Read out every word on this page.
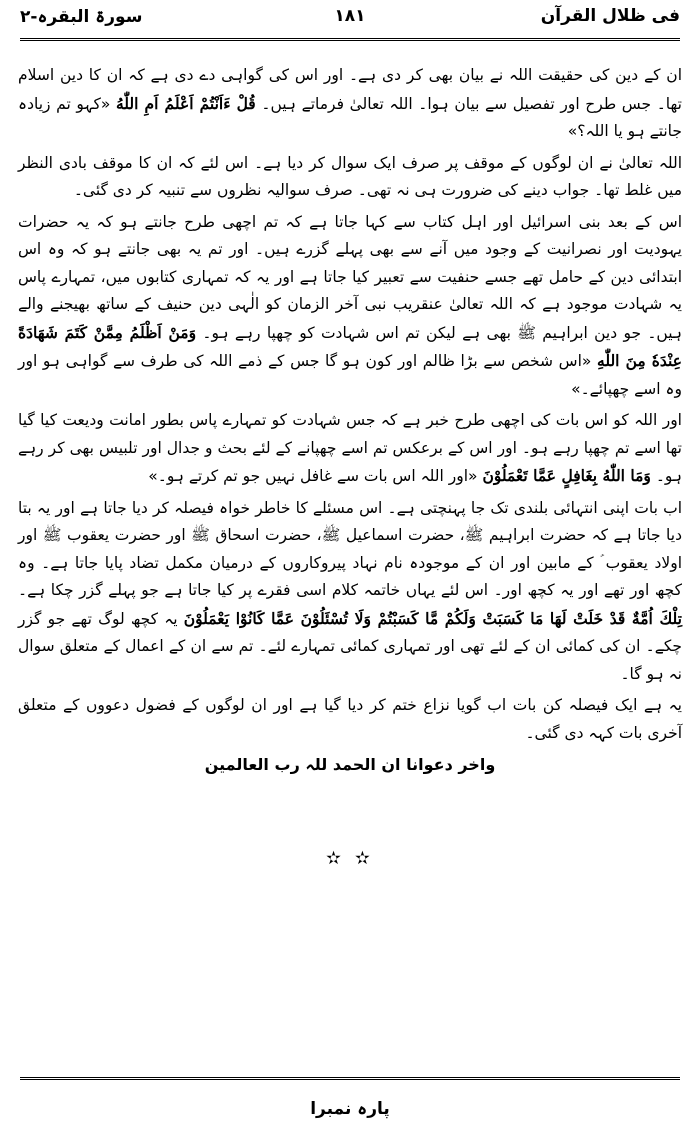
فی ظلال القرآن
۱۸۱
سورۃ البقرہ-۲

ان کے دین کی حقیقت اللہ نے بیان بھی کر دی ہے۔ اور اس کی گواہی دے دی ہے کہ ان کا دین اسلام تھا۔ جس طرح اور تفصیل سے بیان ہوا۔ اللہ تعالیٰ فرماتے ہیں۔ قُلْ ءَاَنْتُمْ اَعْلَمُ اَمِ اللّٰهُ «کہو تم زیادہ جانتے ہو یا اللہ؟»

اللہ تعالیٰ نے ان لوگوں کے موقف پر صرف ایک سوال کر دیا ہے۔ اس لئے کہ ان کا موقف بادی النظر میں غلط تھا۔ جواب دینے کی ضرورت ہی نہ تھی۔ صرف سوالیہ نظروں سے تنبیہ کر دی گئی۔

اس کے بعد بنی اسرائیل اور اہل کتاب سے کہا جاتا ہے کہ تم اچھی طرح جانتے ہو کہ یہ حضرات یہودیت اور نصرانیت کے وجود میں آنے سے بھی پہلے گزرے ہیں۔ اور تم یہ بھی جانتے ہو کہ وہ اس ابتدائی دین کے حامل تھے جسے حنفیت سے تعبیر کیا جاتا ہے اور یہ کہ تمہاری کتابوں میں، تمہارے پاس یہ شہادت موجود ہے کہ اللہ تعالیٰ عنقریب نبی آخر الزمان کو الٰہی دین حنیف کے ساتھ بھیجنے والے ہیں۔ جو دین ابراہیم ﷺ بھی ہے لیکن تم اس شہادت کو چھپا رہے ہو۔ وَمَنْ اَظْلَمُ مِمَّنْ كَتَمَ شَهَادَةً عِنْدَهٗ مِنَ اللّٰهِ «اس شخص سے بڑا ظالم اور کون ہو گا جس کے ذمے اللہ کی طرف سے گواہی ہو اور وہ اسے چھپائے۔»

اور اللہ کو اس بات کی اچھی طرح خبر ہے کہ جس شہادت کو تمہارے پاس بطور امانت ودیعت کیا گیا تھا اسے تم چھپا رہے ہو۔ اور اس کے برعکس تم اسے چھپانے کے لئے بحث و جدال اور تلبیس بھی کر رہے ہو۔ وَمَا اللّٰهُ بِغَافِلٍ عَمَّا تَعْمَلُوْنَ «اور اللہ اس بات سے غافل نہیں جو تم کرتے ہو۔»

اب بات اپنی انتہائی بلندی تک جا پہنچتی ہے۔ اس مسئلے کا خاطر خواہ فیصلہ کر دیا جاتا ہے اور یہ بتا دیا جاتا ہے کہ حضرت ابراہیم ﷺ، حضرت اسماعیل ﷺ، حضرت اسحاق ﷺ اور حضرت یعقوب ﷺ اور اولاد یعقوب ؑ کے مابین اور ان کے موجودہ نام نہاد پیروکاروں کے درمیان مکمل تضاد پایا جاتا ہے۔ وہ کچھ اور تھے اور یہ کچھ اور۔ اس لئے یہاں خاتمہ کلام اسی فقرے پر کیا جاتا ہے جو پہلے گزر چکا ہے۔ تِلْكَ اُمَّةٌ قَدْ خَلَتْ لَهَا مَا كَسَبَتْ وَلَكُمْ مَّا كَسَبْتُمْ وَلَا تُسْئَلُوْنَ عَمَّا كَانُوْا يَعْمَلُوْنَ یہ کچھ لوگ تھے جو گزر چکے۔ ان کی کمائی ان کے لئے تھی اور تمہاری کمائی تمہارے لئے۔ تم سے ان کے اعمال کے متعلق سوال نہ ہو گا۔

یہ ہے ایک فیصلہ کن بات اب گویا نزاع ختم کر دیا گیا ہے اور ان لوگوں کے فضول دعووں کے متعلق آخری بات کہہ دی گئی۔

واخر دعوانا ان الحمد للہ رب العالمین
✫ ✫
پارہ نمبرا
